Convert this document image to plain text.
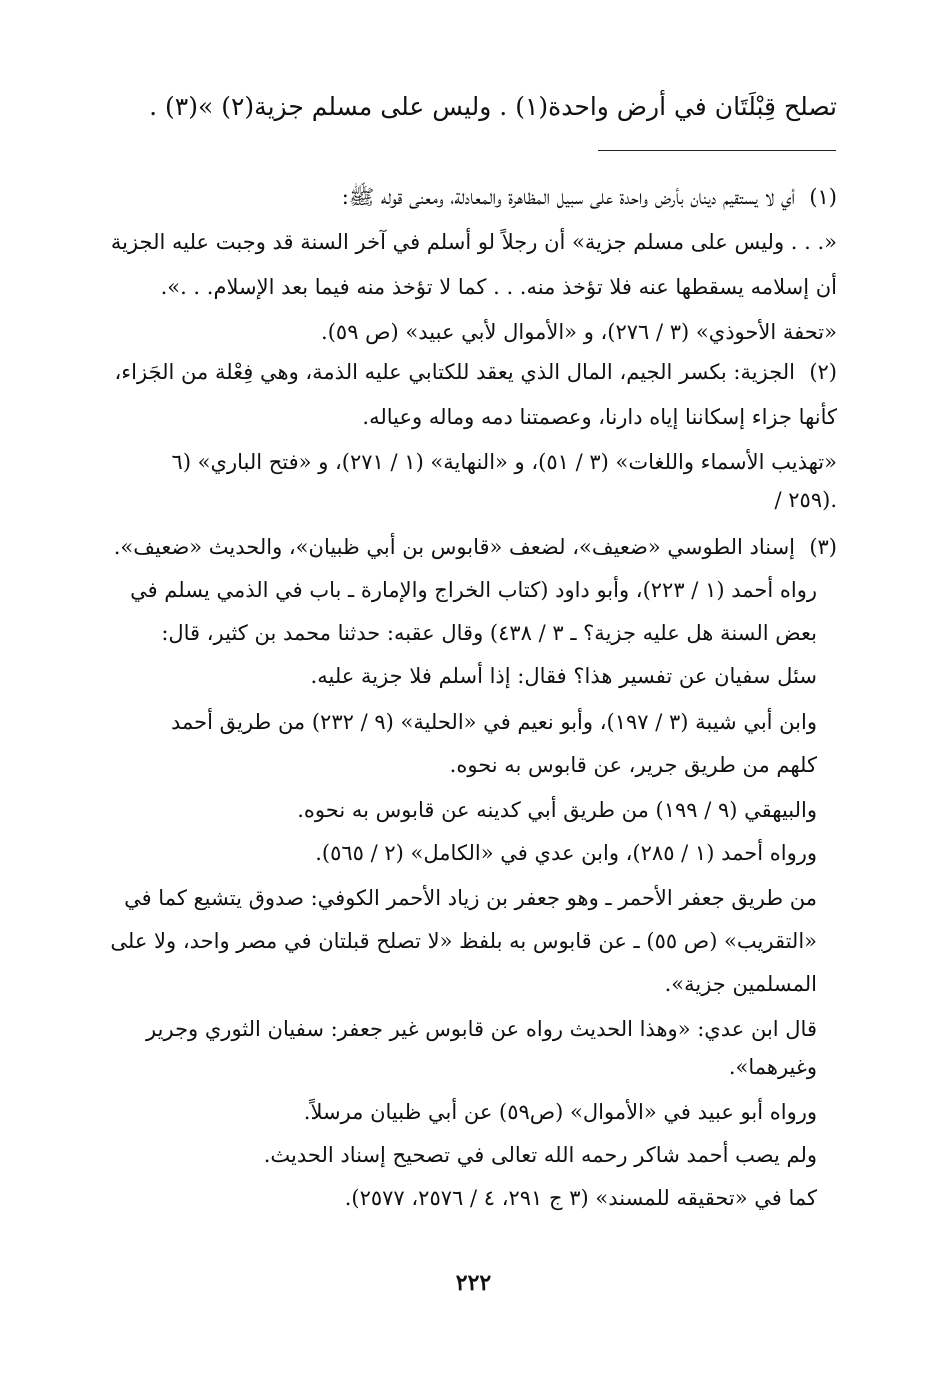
تصلح قِبْلَتَان في أرض واحدة(١) . وليس على مسلم جزية(٢) »(٣) .
(١)
أي لا يستقيم دينان بأرض واحدة على سبيل المظاهرة والمعادلة، ومعنى قوله ﷺ:
«. . . وليس على مسلم جزية» أن رجلاً لو أسلم في آخر السنة قد وجبت عليه الجزية
أن إسلامه يسقطها عنه فلا تؤخذ منه. . . كما لا تؤخذ منه فيما بعد الإسلام. . .».
«تحفة الأحوذي» (٣ / ٢٧٦)، و «الأموال لأبي عبيد» (ص ٥٩).
(٢)
الجزية: بكسر الجيم، المال الذي يعقد للكتابي عليه الذمة، وهي فِعْلة من الجَزاء،
كأنها جزاء إسكاننا إياه دارنا، وعصمتنا دمه وماله وعياله.
«تهذيب الأسماء واللغات» (٣ / ٥١)، و «النهاية» (١ / ٢٧١)، و «فتح الباري» (٦
/ ٢٥٩).
(٣)
إسناد الطوسي «ضعيف»، لضعف «قابوس بن أبي ظبيان»، والحديث «ضعيف».
رواه أحمد (١ / ٢٢٣)، وأبو داود (كتاب الخراج والإمارة ـ باب في الذمي يسلم في
بعض السنة هل عليه جزية؟ ـ ٣ / ٤٣٨) وقال عقبه: حدثنا محمد بن كثير، قال:
سئل سفيان عن تفسير هذا؟ فقال: إذا أسلم فلا جزية عليه.
وابن أبي شيبة (٣ / ١٩٧)، وأبو نعيم في «الحلية» (٩ / ٢٣٢) من طريق أحمد
كلهم من طريق جرير، عن قابوس به نحوه.
والبيهقي (٩ / ١٩٩) من طريق أبي كدينه عن قابوس به نحوه.
ورواه أحمد (١ / ٢٨٥)، وابن عدي في «الكامل» (٢ / ٥٦٥).
من طريق جعفر الأحمر ـ وهو جعفر بن زياد الأحمر الكوفي: صدوق يتشيع كما في
«التقريب» (ص ٥٥) ـ عن قابوس به بلفظ «لا تصلح قبلتان في مصر واحد، ولا على
المسلمين جزية».
قال ابن عدي: «وهذا الحديث رواه عن قابوس غير جعفر: سفيان الثوري وجرير
وغيرهما».
ورواه أبو عبيد في «الأموال» (ص٥٩) عن أبي ظبيان مرسلاً.
ولم يصب أحمد شاكر رحمه الله تعالى في تصحيح إسناد الحديث.
كما في «تحقيقه للمسند» (٣ ج ٢٩١، ٤ / ٢٥٧٦، ٢٥٧٧).
٢٢٢
